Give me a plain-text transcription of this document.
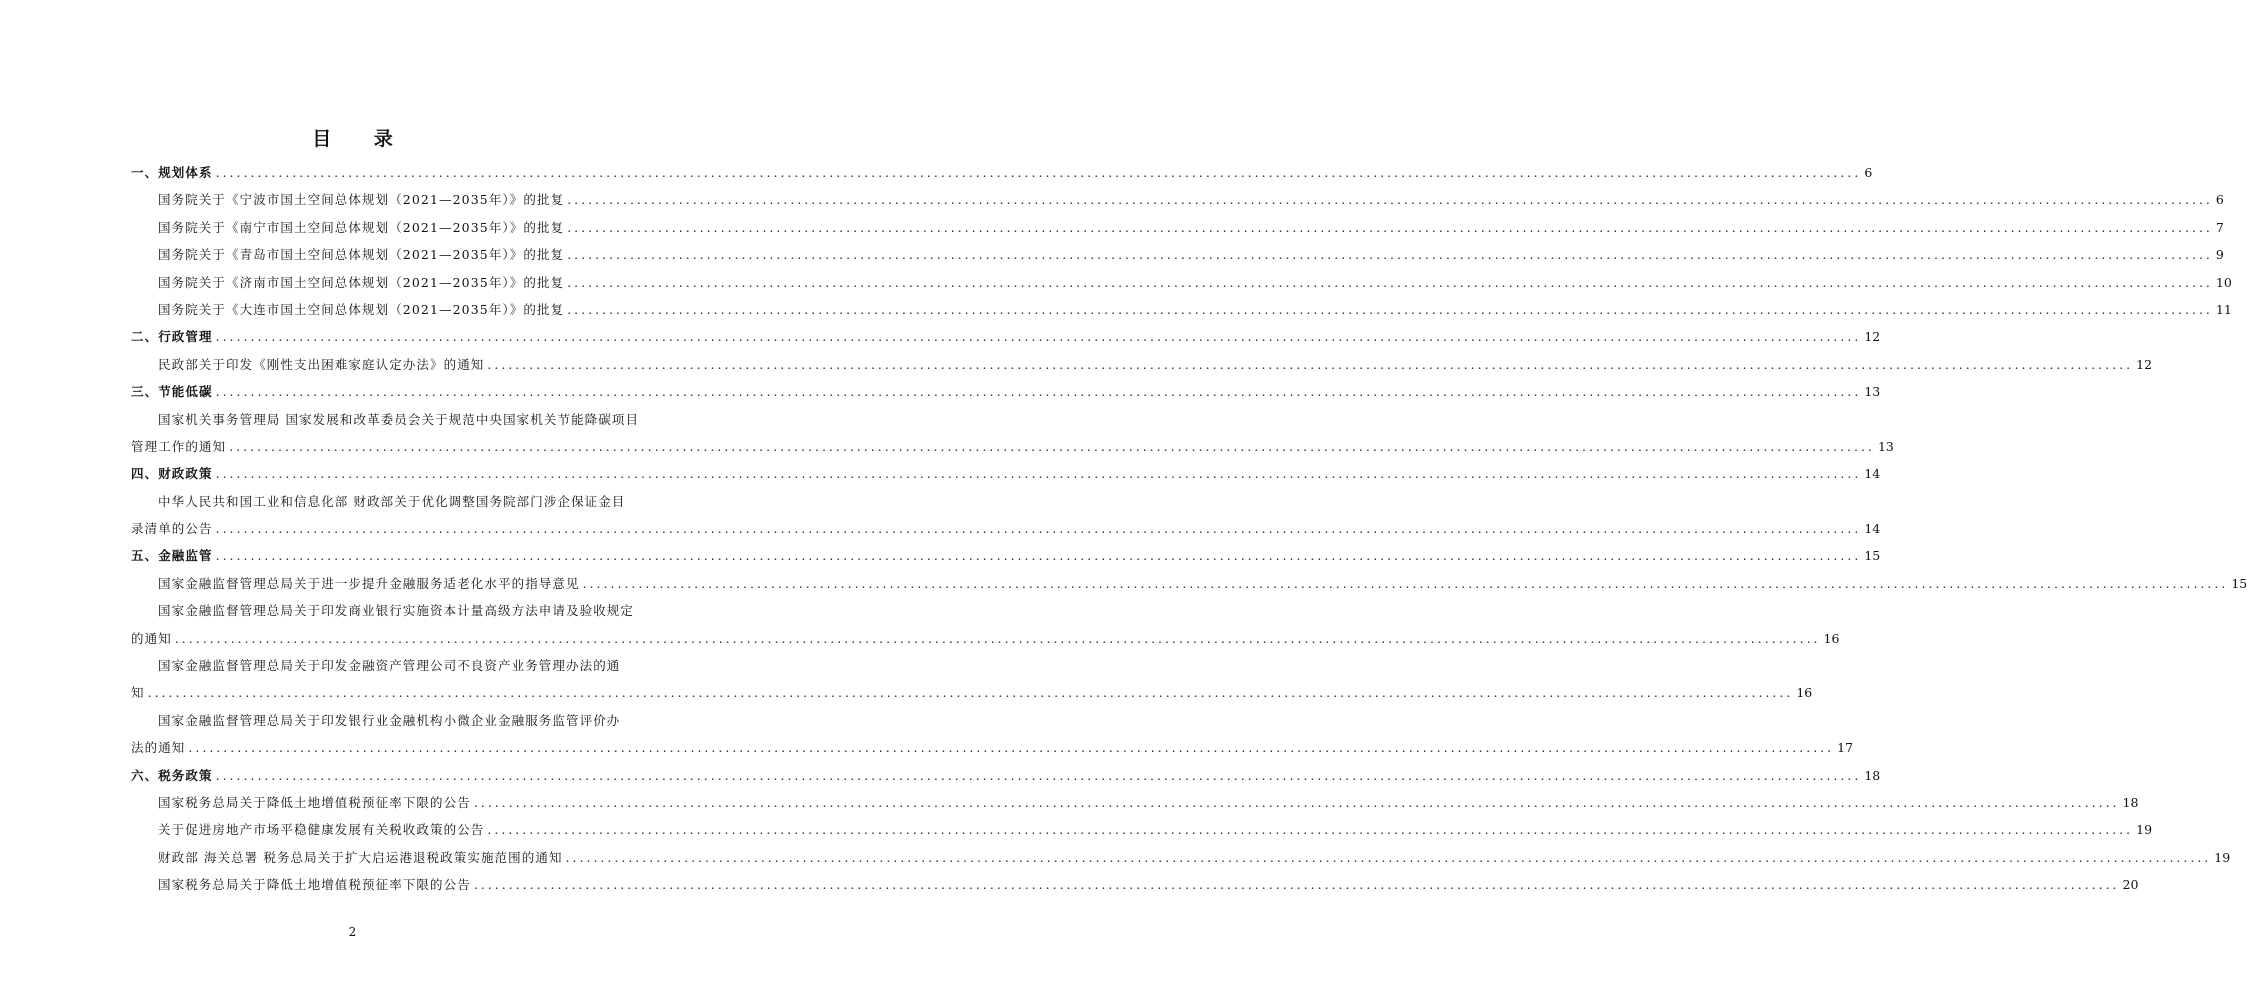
目 录
一、规划体系 ............................................................................................................................................................................................................................................ 6
国务院关于《宁波市国土空间总体规划（2021—2035年）》的批复 ............................................................................................................................................................................................................................................ 6
国务院关于《南宁市国土空间总体规划（2021—2035年）》的批复 ............................................................................................................................................................................................................................................ 7
国务院关于《青岛市国土空间总体规划（2021—2035年）》的批复 ............................................................................................................................................................................................................................................ 9
国务院关于《济南市国土空间总体规划（2021—2035年）》的批复 ............................................................................................................................................................................................................................................ 10
国务院关于《大连市国土空间总体规划（2021—2035年）》的批复 ............................................................................................................................................................................................................................................ 11
二、行政管理 ............................................................................................................................................................................................................................................ 12
民政部关于印发《刚性支出困难家庭认定办法》的通知 ............................................................................................................................................................................................................................................ 12
三、节能低碳 ............................................................................................................................................................................................................................................ 13
国家机关事务管理局 国家发展和改革委员会关于规范中央国家机关节能降碳项目
管理工作的通知 ............................................................................................................................................................................................................................................ 13
四、财政政策 ............................................................................................................................................................................................................................................ 14
中华人民共和国工业和信息化部 财政部关于优化调整国务院部门涉企保证金目
录清单的公告 ............................................................................................................................................................................................................................................ 14
五、金融监管 ............................................................................................................................................................................................................................................ 15
国家金融监督管理总局关于进一步提升金融服务适老化水平的指导意见 ............................................................................................................................................................................................................................................ 15
国家金融监督管理总局关于印发商业银行实施资本计量高级方法申请及验收规定
的通知 ............................................................................................................................................................................................................................................ 16
国家金融监督管理总局关于印发金融资产管理公司不良资产业务管理办法的通
知 ............................................................................................................................................................................................................................................ 16
国家金融监督管理总局关于印发银行业金融机构小微企业金融服务监管评价办
法的通知 ............................................................................................................................................................................................................................................ 17
六、税务政策 ............................................................................................................................................................................................................................................ 18
国家税务总局关于降低土地增值税预征率下限的公告 ............................................................................................................................................................................................................................................ 18
关于促进房地产市场平稳健康发展有关税收政策的公告 ............................................................................................................................................................................................................................................ 19
财政部 海关总署 税务总局关于扩大启运港退税政策实施范围的通知 ............................................................................................................................................................................................................................................ 19
国家税务总局关于降低土地增值税预征率下限的公告 ............................................................................................................................................................................................................................................ 20
2
